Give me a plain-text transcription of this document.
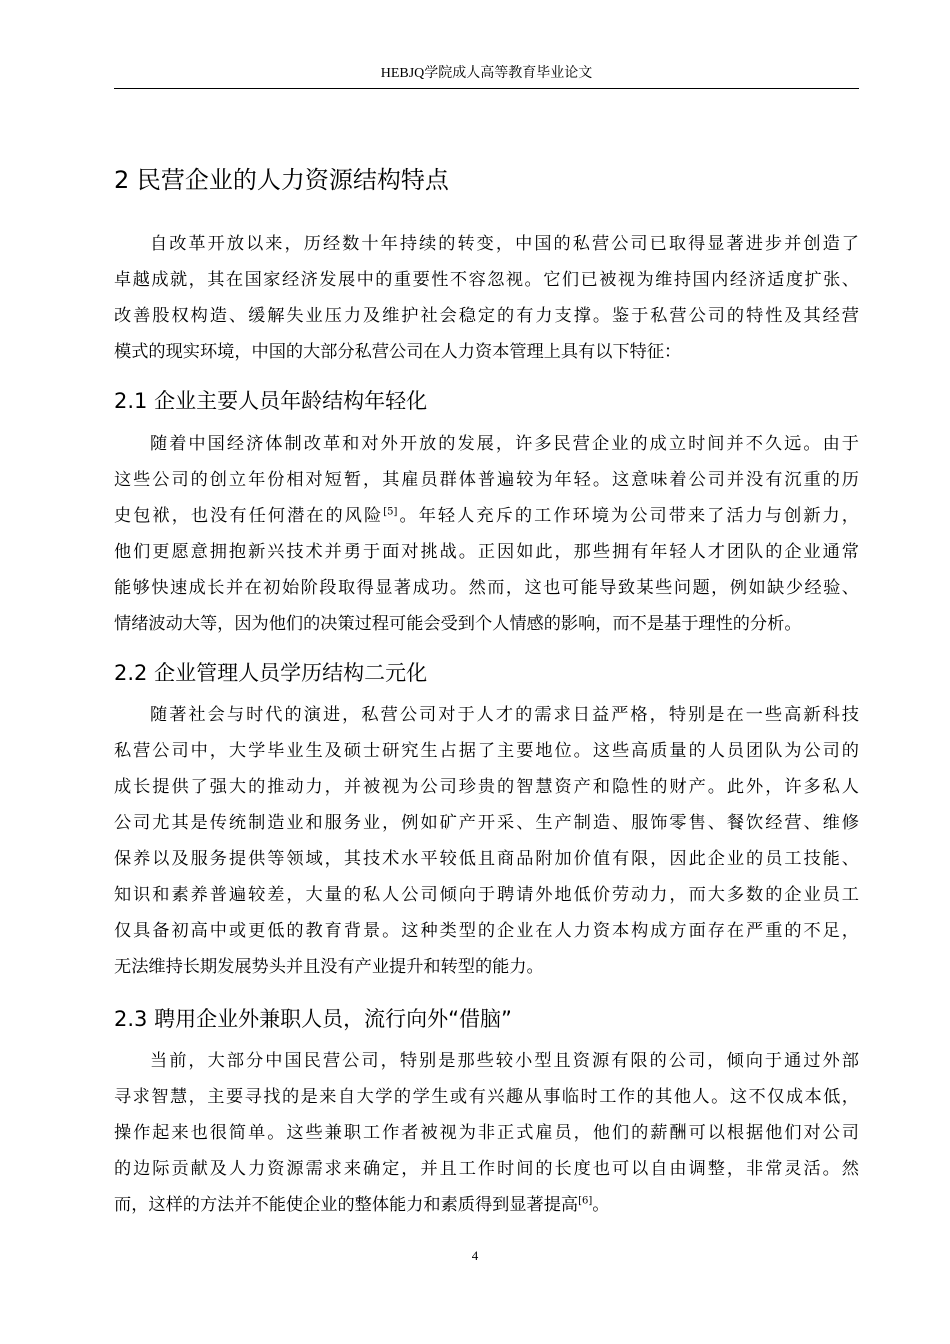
HEBJQ学院成人高等教育毕业论文
2 民营企业的人力资源结构特点
自改革开放以来，历经数十年持续的转变，中国的私营公司已取得显著进步并创造了
卓越成就，其在国家经济发展中的重要性不容忽视。它们已被视为维持国内经济适度扩张、
改善股权构造、缓解失业压力及维护社会稳定的有力支撑。鉴于私营公司的特性及其经营
模式的现实环境，中国的大部分私营公司在人力资本管理上具有以下特征：
2.1 企业主要人员年龄结构年轻化
随着中国经济体制改革和对外开放的发展，许多民营企业的成立时间并不久远。由于
这些公司的创立年份相对短暂，其雇员群体普遍较为年轻。这意味着公司并没有沉重的历
史包袱，也没有任何潜在的风险[5]。年轻人充斥的工作环境为公司带来了活力与创新力，
他们更愿意拥抱新兴技术并勇于面对挑战。正因如此，那些拥有年轻人才团队的企业通常
能够快速成长并在初始阶段取得显著成功。然而，这也可能导致某些问题，例如缺少经验、
情绪波动大等，因为他们的决策过程可能会受到个人情感的影响，而不是基于理性的分析。
2.2 企业管理人员学历结构二元化
随著社会与时代的演进，私营公司对于人才的需求日益严格，特别是在一些高新科技
私营公司中，大学毕业生及硕士研究生占据了主要地位。这些高质量的人员团队为公司的
成长提供了强大的推动力，并被视为公司珍贵的智慧资产和隐性的财产。此外，许多私人
公司尤其是传统制造业和服务业，例如矿产开采、生产制造、服饰零售、餐饮经营、维修
保养以及服务提供等领域，其技术水平较低且商品附加价值有限，因此企业的员工技能、
知识和素养普遍较差，大量的私人公司倾向于聘请外地低价劳动力，而大多数的企业员工
仅具备初高中或更低的教育背景。这种类型的企业在人力资本构成方面存在严重的不足，
无法维持长期发展势头并且没有产业提升和转型的能力。
2.3 聘用企业外兼职人员，流行向外“借脑”
当前，大部分中国民营公司，特别是那些较小型且资源有限的公司，倾向于通过外部
寻求智慧，主要寻找的是来自大学的学生或有兴趣从事临时工作的其他人。这不仅成本低，
操作起来也很简单。这些兼职工作者被视为非正式雇员，他们的薪酬可以根据他们对公司
的边际贡献及人力资源需求来确定，并且工作时间的长度也可以自由调整，非常灵活。然
而，这样的方法并不能使企业的整体能力和素质得到显著提高[6]。
4
